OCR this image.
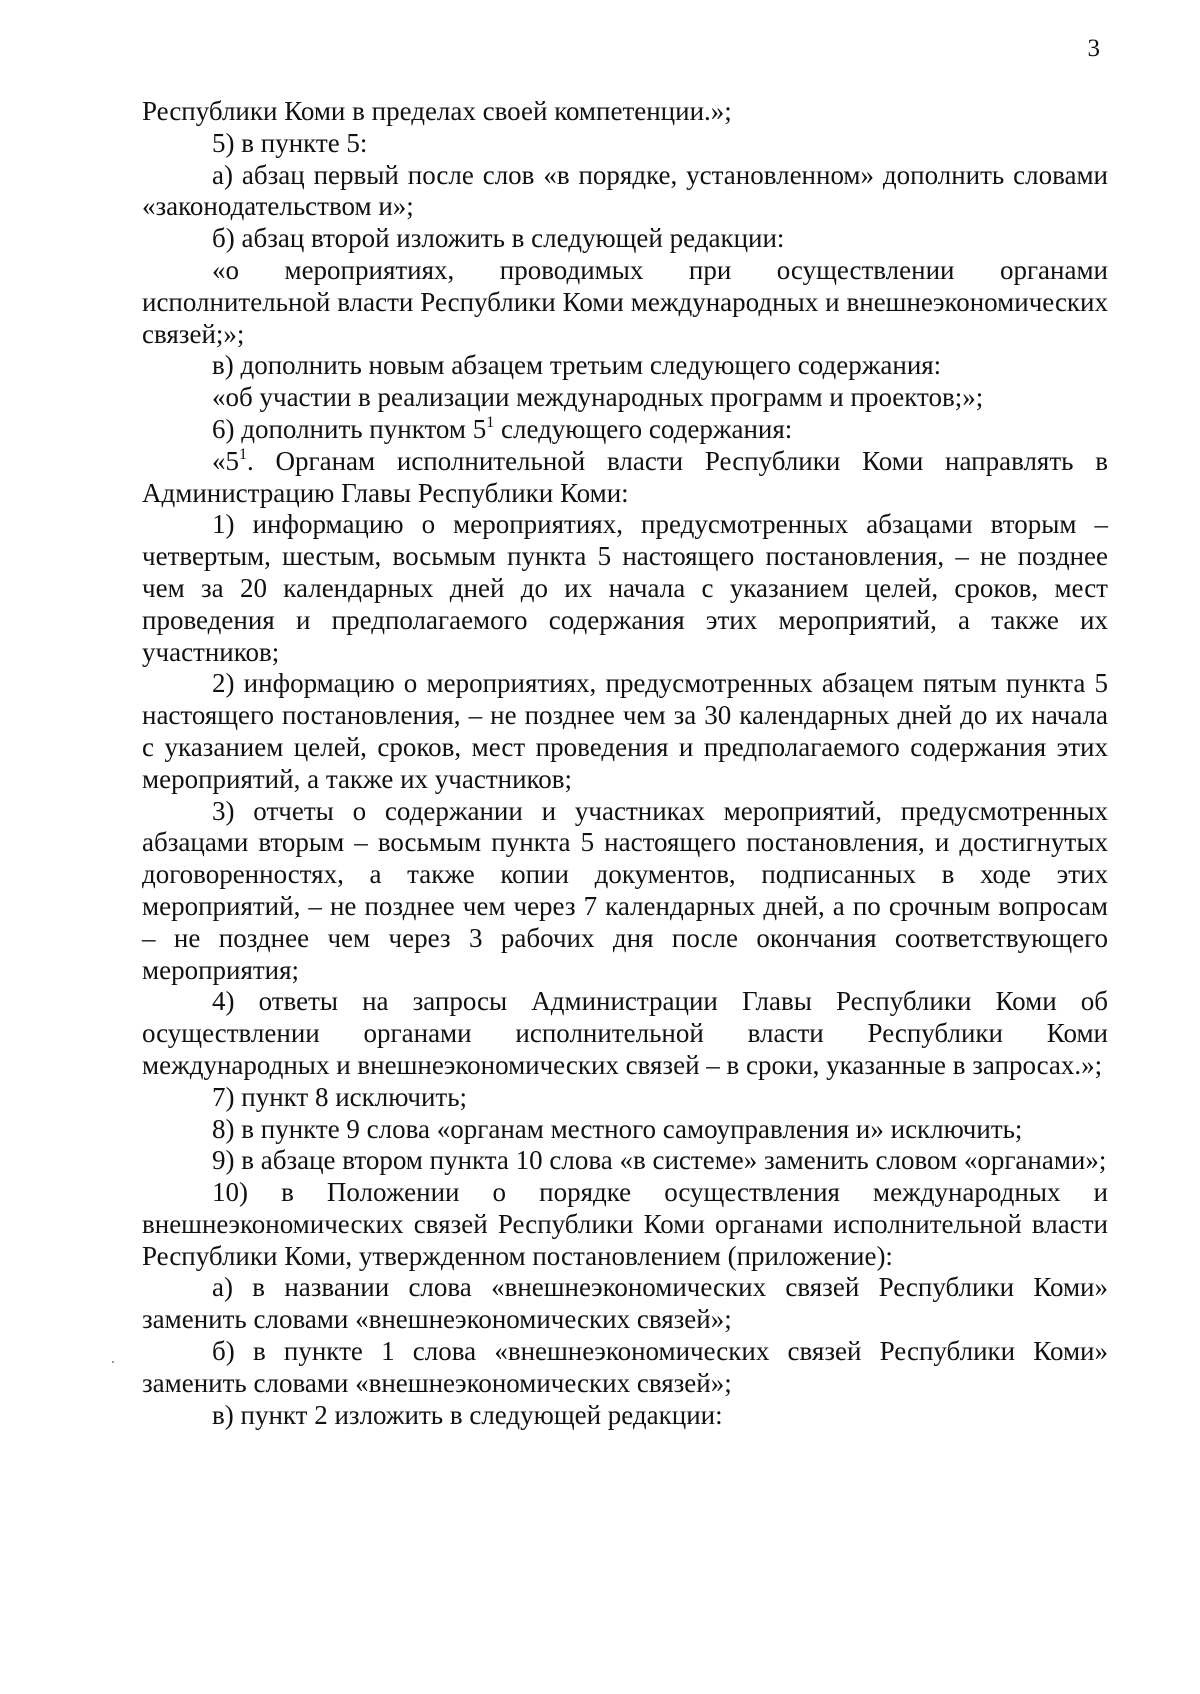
3

Республики Коми в пределах своей компетенции.»;

5) в пункте 5:

а) абзац первый после слов «в порядке, установленном» дополнить словами «законодательством и»;

б) абзац второй изложить в следующей редакции:

«о мероприятиях, проводимых при осуществлении органами исполнительной власти Республики Коми международных и внешнеэкономических связей;»;

в) дополнить новым абзацем третьим следующего содержания:

«об участии в реализации международных программ и проектов;»;

6) дополнить пунктом $5^1$ следующего содержания:

«$5^1$. Органам исполнительной власти Республики Коми направлять в Администрацию Главы Республики Коми:

1) информацию о мероприятиях, предусмотренных абзацами вторым – четвертым, шестым, восьмым пункта 5 настоящего постановления, – не позднее чем за 20 календарных дней до их начала с указанием целей, сроков, мест проведения и предполагаемого содержания этих мероприятий, а также их участников;

2) информацию о мероприятиях, предусмотренных абзацем пятым пункта 5 настоящего постановления, – не позднее чем за 30 календарных дней до их начала с указанием целей, сроков, мест проведения и предполагаемого содержания этих мероприятий, а также их участников;

3) отчеты о содержании и участниках мероприятий, предусмотренных абзацами вторым – восьмым пункта 5 настоящего постановления, и достигнутых договоренностях, а также копии документов, подписанных в ходе этих мероприятий, – не позднее чем через 7 календарных дней, а по срочным вопросам – не позднее чем через 3 рабочих дня после окончания соответствующего мероприятия;

4) ответы на запросы Администрации Главы Республики Коми об осуществлении органами исполнительной власти Республики Коми международных и внешнеэкономических связей – в сроки, указанные в запросах.»;

7) пункт 8 исключить;

8) в пункте 9 слова «органам местного самоуправления и» исключить;

9) в абзаце втором пункта 10 слова «в системе» заменить словом «органами»;

10) в Положении о порядке осуществления международных и внешнеэкономических связей Республики Коми органами исполнительной власти Республики Коми, утвержденном постановлением (приложение):

а) в названии слова «внешнеэкономических связей Республики Коми» заменить словами «внешнеэкономических связей»;

б) в пункте 1 слова «внешнеэкономических связей Республики Коми» заменить словами «внешнеэкономических связей»;

в) пункт 2 изложить в следующей редакции:
